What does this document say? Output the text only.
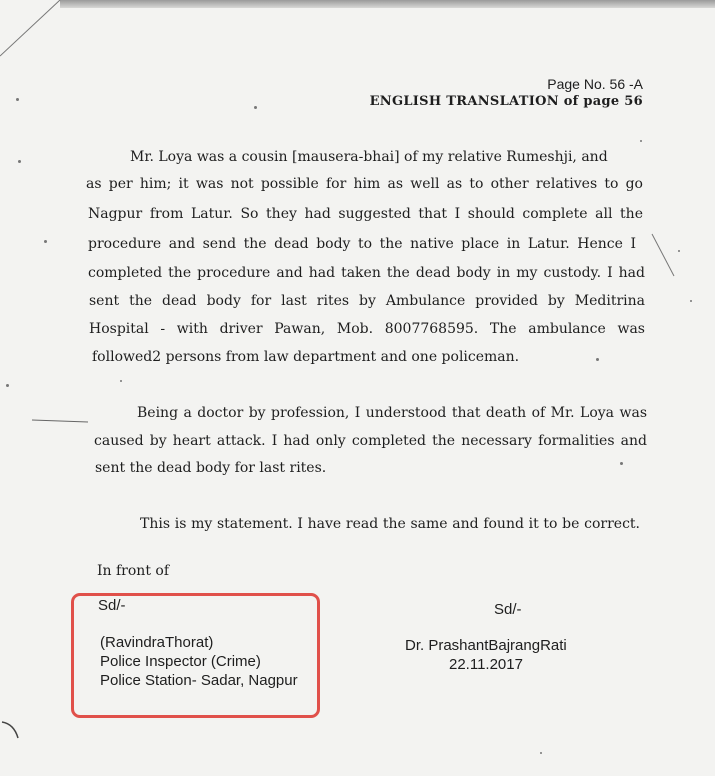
Page No. 56 -A
ENGLISH TRANSLATION of page 56
Mr. Loya was a cousin [mausera-bhai] of my relative Rumeshji, and
as per him; it was not possible for him as well as to other relatives to go
Nagpur from Latur. So they had suggested that I should complete all the
procedure and send the dead body to the native place in Latur. Hence I
completed the procedure and had taken the dead body in my custody. I had
sent the dead body for last rites by Ambulance provided by Meditrina
Hospital - with driver Pawan, Mob. 8007768595. The ambulance was
followed2 persons from law department and one policeman.
Being a doctor by profession, I understood that death of Mr. Loya was
caused by heart attack. I had only completed the necessary formalities and
sent the dead body for last rites.
This is my statement. I have read the same and found it to be correct.
In front of
Sd/-
(RavindraThorat)
Police Inspector (Crime)
Police Station- Sadar, Nagpur
Sd/-
Dr. PrashantBajrangRati
22.11.2017
